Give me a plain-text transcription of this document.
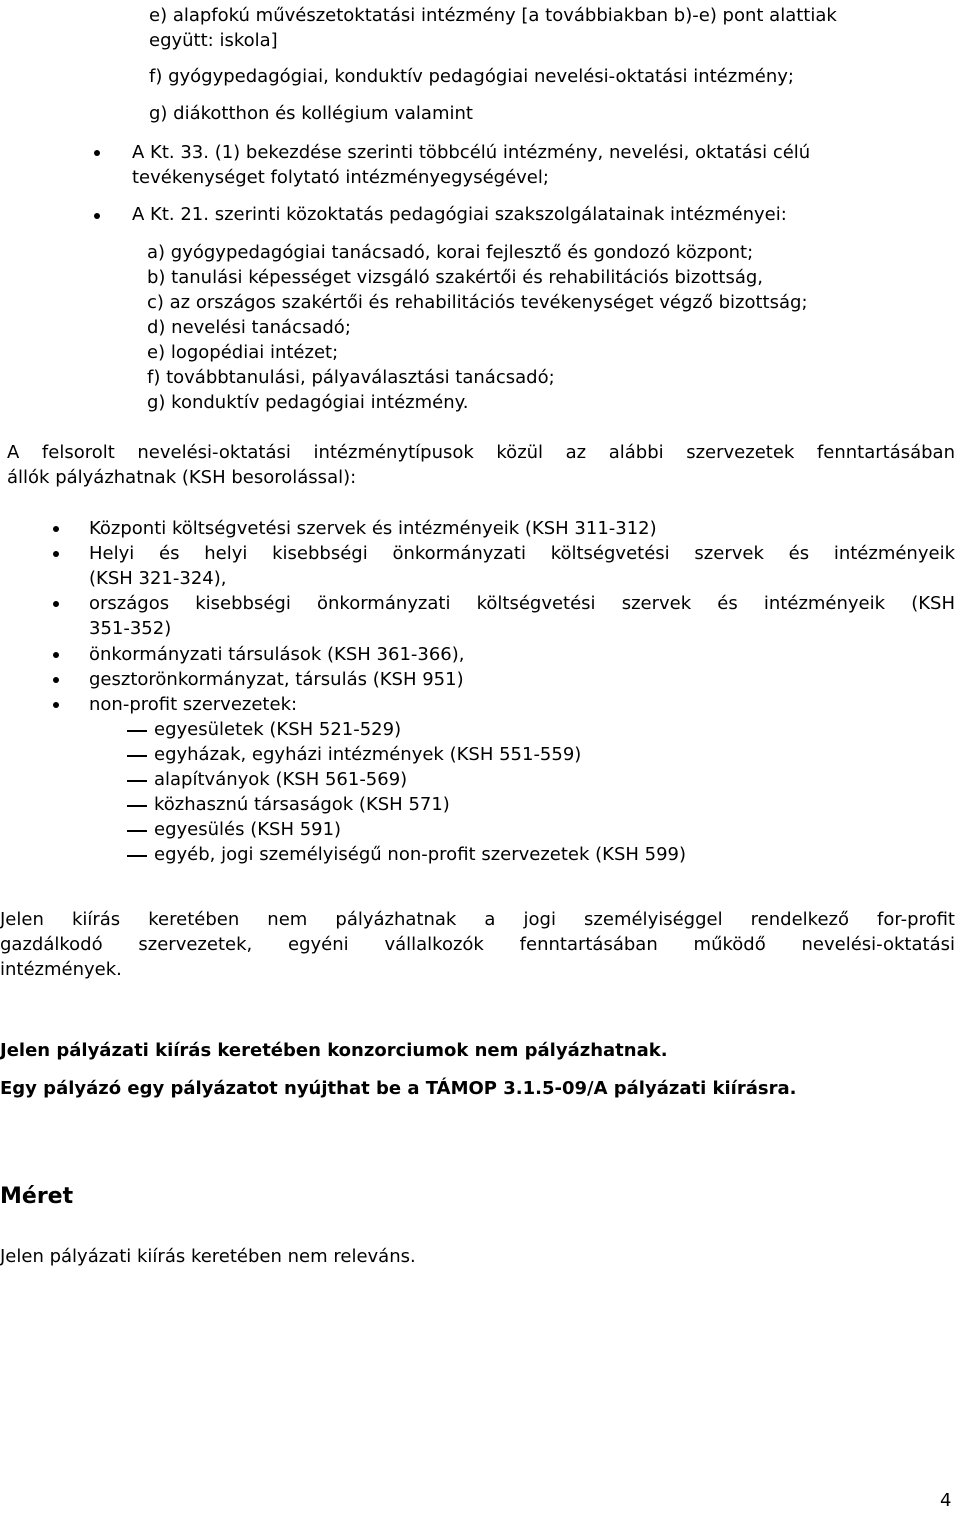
e) alapfokú művészetoktatási intézmény [a továbbiakban b)-e) pont alattiak
együtt: iskola]
f) gyógypedagógiai, konduktív pedagógiai nevelési-oktatási intézmény;
g) diákotthon és kollégium valamint
A Kt. 33. (1) bekezdése szerinti többcélú intézmény, nevelési, oktatási célú
tevékenységet folytató intézményegységével;
A Kt. 21. szerinti közoktatás pedagógiai szakszolgálatainak intézményei:
a) gyógypedagógiai tanácsadó, korai fejlesztő és gondozó központ;
b) tanulási képességet vizsgáló szakértői és rehabilitációs bizottság,
c) az országos szakértői és rehabilitációs tevékenységet végző bizottság;
d) nevelési tanácsadó;
e) logopédiai intézet;
f) továbbtanulási, pályaválasztási tanácsadó;
g) konduktív pedagógiai intézmény.
A felsorolt nevelési-oktatási intézménytípusok közül az alábbi szervezetek fenntartásában
állók pályázhatnak (KSH besorolással):
Központi költségvetési szervek és intézményeik (KSH 311-312)
Helyi és helyi kisebbségi önkormányzati költségvetési szervek és intézményeik
(KSH 321-324),
országos kisebbségi önkormányzati költségvetési szervek és intézményeik (KSH
351-352)
önkormányzati társulások (KSH 361-366),
gesztorönkormányzat, társulás (KSH 951)
non-profit szervezetek:
egyesületek (KSH 521-529)
egyházak, egyházi intézmények (KSH 551-559)
alapítványok (KSH 561-569)
közhasznú társaságok (KSH 571)
egyesülés (KSH 591)
egyéb, jogi személyiségű non-profit szervezetek (KSH 599)
Jelen kiírás keretében nem pályázhatnak a jogi személyiséggel rendelkező for-profit
gazdálkodó szervezetek, egyéni vállalkozók fenntartásában működő nevelési-oktatási
intézmények.
Jelen pályázati kiírás keretében konzorciumok nem pályázhatnak.
Egy pályázó egy pályázatot nyújthat be a TÁMOP 3.1.5-09/A pályázati kiírásra.
Méret
Jelen pályázati kiírás keretében nem releváns.
4
